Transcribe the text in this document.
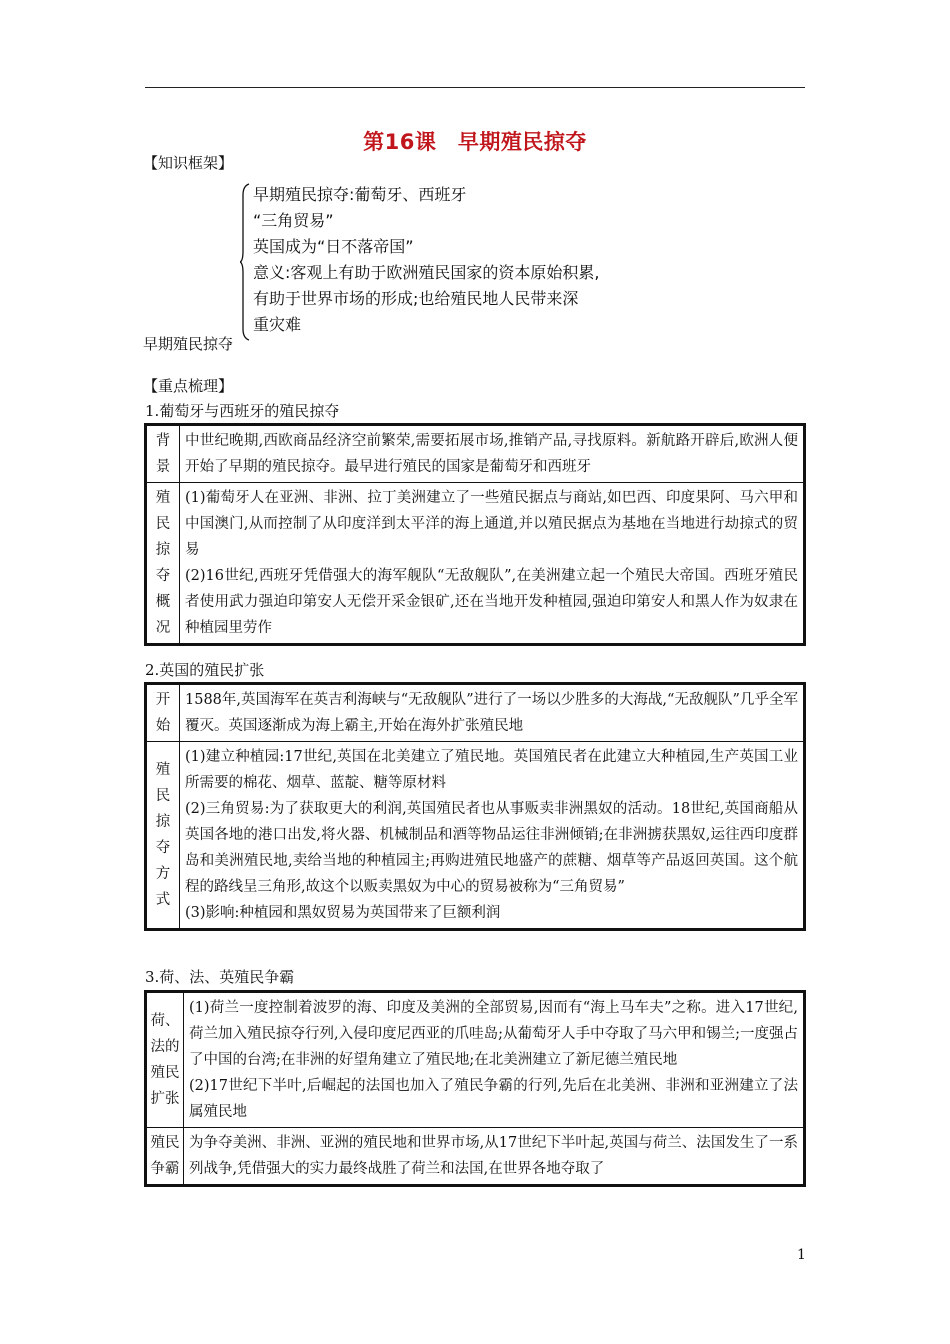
第16课　早期殖民掠夺
【知识框架】
早期殖民掠夺:葡萄牙、西班牙
“三角贸易”
英国成为“日不落帝国”
意义:客观上有助于欧洲殖民国家的资本原始积累,
有助于世界市场的形成;也给殖民地人民带来深
重灾难
早期殖民掠夺
【重点梳理】
1.葡萄牙与西班牙的殖民掠夺
背景	中世纪晚期,西欧商品经济空前繁荣,需要拓展市场,推销产品,寻找原料。新航路开辟后,欧洲人便开始了早期的殖民掠夺。最早进行殖民的国家是葡萄牙和西班牙
殖民掠夺概况	(1)葡萄牙人在亚洲、非洲、拉丁美洲建立了一些殖民据点与商站,如巴西、印度果阿、马六甲和中国澳门,从而控制了从印度洋到太平洋的海上通道,并以殖民据点为基地在当地进行劫掠式的贸易
(2)16世纪,西班牙凭借强大的海军舰队“无敌舰队”,在美洲建立起一个殖民大帝国。西班牙殖民者使用武力强迫印第安人无偿开采金银矿,还在当地开发种植园,强迫印第安人和黑人作为奴隶在种植园里劳作
2.英国的殖民扩张
开始	1588年,英国海军在英吉利海峡与“无敌舰队”进行了一场以少胜多的大海战,“无敌舰队”几乎全军覆灭。英国逐渐成为海上霸主,开始在海外扩张殖民地
殖民掠夺方式	(1)建立种植园:17世纪,英国在北美建立了殖民地。英国殖民者在此建立大种植园,生产英国工业所需要的棉花、烟草、蓝靛、糖等原材料
(2)三角贸易:为了获取更大的利润,英国殖民者也从事贩卖非洲黑奴的活动。18世纪,英国商船从英国各地的港口出发,将火器、机械制品和酒等物品运往非洲倾销;在非洲掳获黑奴,运往西印度群岛和美洲殖民地,卖给当地的种植园主;再购进殖民地盛产的蔗糖、烟草等产品返回英国。这个航程的路线呈三角形,故这个以贩卖黑奴为中心的贸易被称为“三角贸易”
(3)影响:种植园和黑奴贸易为英国带来了巨额利润
3.荷、法、英殖民争霸
荷、法的殖民扩张	(1)荷兰一度控制着波罗的海、印度及美洲的全部贸易,因而有“海上马车夫”之称。进入17世纪,荷兰加入殖民掠夺行列,入侵印度尼西亚的爪哇岛;从葡萄牙人手中夺取了马六甲和锡兰;一度强占了中国的台湾;在非洲的好望角建立了殖民地;在北美洲建立了新尼德兰殖民地
(2)17世纪下半叶,后崛起的法国也加入了殖民争霸的行列,先后在北美洲、非洲和亚洲建立了法属殖民地

殖民争霸	为争夺美洲、非洲、亚洲的殖民地和世界市场,从17世纪下半叶起,英国与荷兰、法国发生了一系列战争,凭借强大的实力最终战胜了荷兰和法国,在世界各地夺取了
1
